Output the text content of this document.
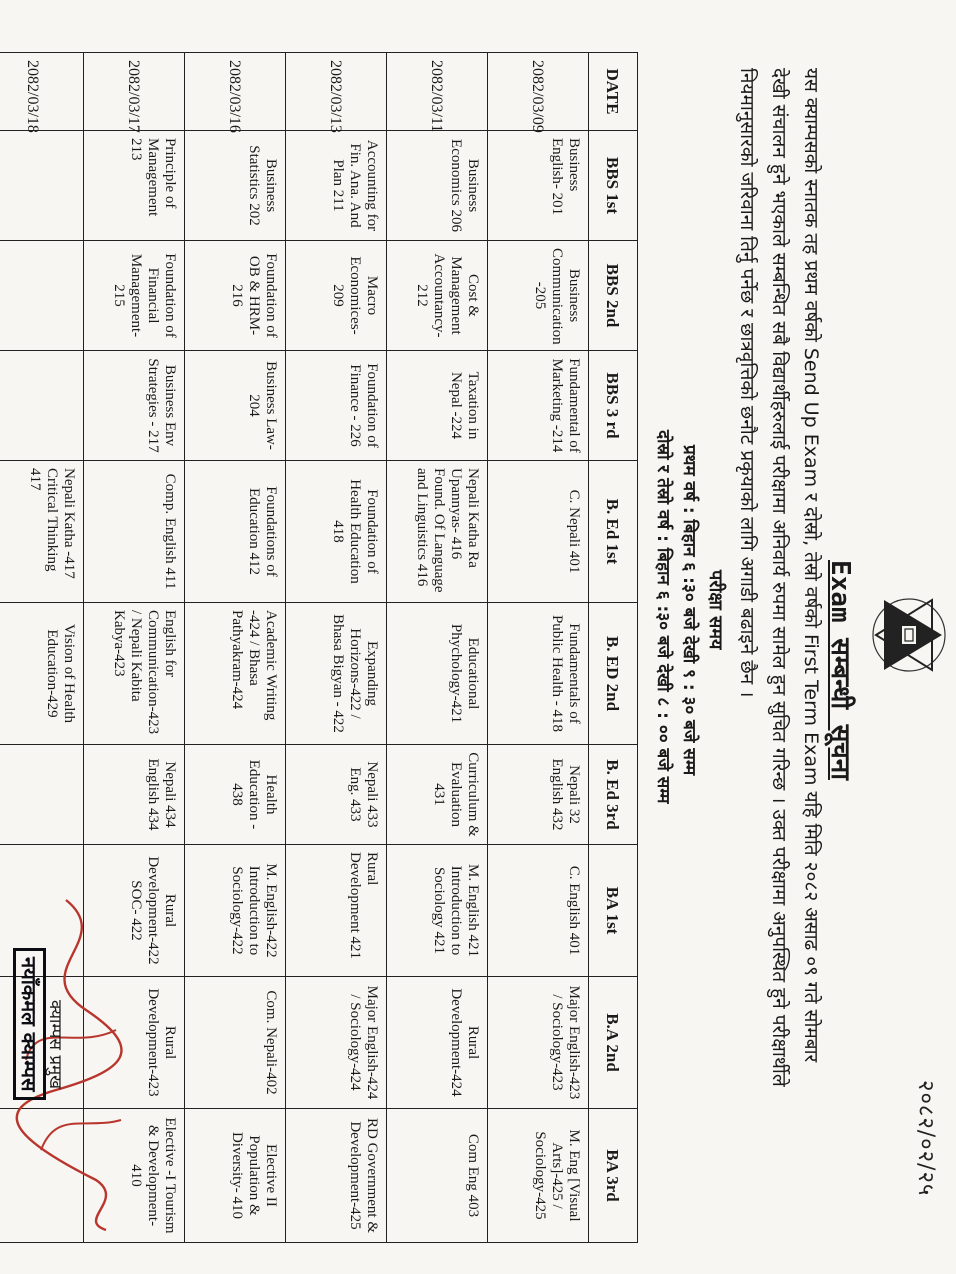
२०८२/०२/२५
Exam सम्बन्धी सूचना
यस क्याम्पसको स्नातक तह प्रथम वर्षको Send Up Exam र दोस्रो, तेस्रो वर्षको First Term Exam यहि मिति २०८२ असाढ ०९ गते सोमबार
देखी संचालन हुने भएकाले सम्बन्धित सबै विद्यार्थीहरुलाई परीक्षामा अनिवार्य रुपमा सामेल हुन सुचित गरिन्छ । उक्त परीक्षामा अनुपस्थित हुने परीक्षार्थीले
नियमानुसारको जरिवाना तिर्नु पर्नेछ र छात्रवृत्तिको छनौट प्रकृयाको लागि अगाडी बढाइने छैन ।
परीक्षा समय
प्रथम वर्ष : बिहान ६ :३० बजे देखी ९ : ३० बजे सम्म
दोस्रो र तेस्रो वर्ष : बिहान ६ :३० बजे देखी ८ : ०० बजे सम्म
DATE	BBS 1st	BBS 2nd	BBS 3 rd	B. Ed 1st	B. ED 2nd	B. Ed 3rd	BA 1st	B.A 2nd	BA 3rd
2082/03/09	Business English- 201	Business Communication -205	Fundamental of Marketing -214	C. Nepali 401	Fundamentals of Public Health - 418	Nepali 32 English 432	C. English 401	Major English-423 / Sociology-423	M. Eng [Visual Arts]-425 / Sociology-425
2082/03/11	Business Economics 206	Cost & Management Accountancy-212	Taxation in Nepal -224	Nepali Katha Ra Upannyas- 416 Found. Of Language and Linguistics 416	Educational Phychology-421	Curriculum & Evaluation 431	M. English 421 Introduction to Sociology 421	Rural Development-424	Com Eng 403
2082/03/13	Accounting for Fin. Ana. And Plan 211	Macro Economices-209	Foundation of Finance - 226	Foundation of Health Education 418	Expanding Horizons-422 / Bhasa Bigyan - 422	Nepali 433 Eng. 433	Rural Development 421	Major English-424 / Sociology-424	RD Government & Development-425
2082/03/16	Business Statistics 202	Foundation of OB & HRM-216	Business Law-204	Foundations of Education 412	Academic Writing -424 / Bhasa Pathyakram-424	Health Education - 438	M. English-422 Introduction to Sociology-422	Com. Nepali-402	Elective II Population & Diversity- 410
2082/03/17	Principle of Management 213	Foundation of Financial Management-215	Business Env Strategies - 217	Comp. English 411	English for Communication-423 / Nepali Kabita Kabya-423	Nepali 434 English 434	Rural Development-422 SOC- 422	Rural Development-423	Elective -I Tourism & Development-410
2082/03/18				Nepali Katha -417 Critical Thinking 417	Vision of Health Education-429				
क्याम्पस प्रमुख
नयाँकमल क्याम्पस
